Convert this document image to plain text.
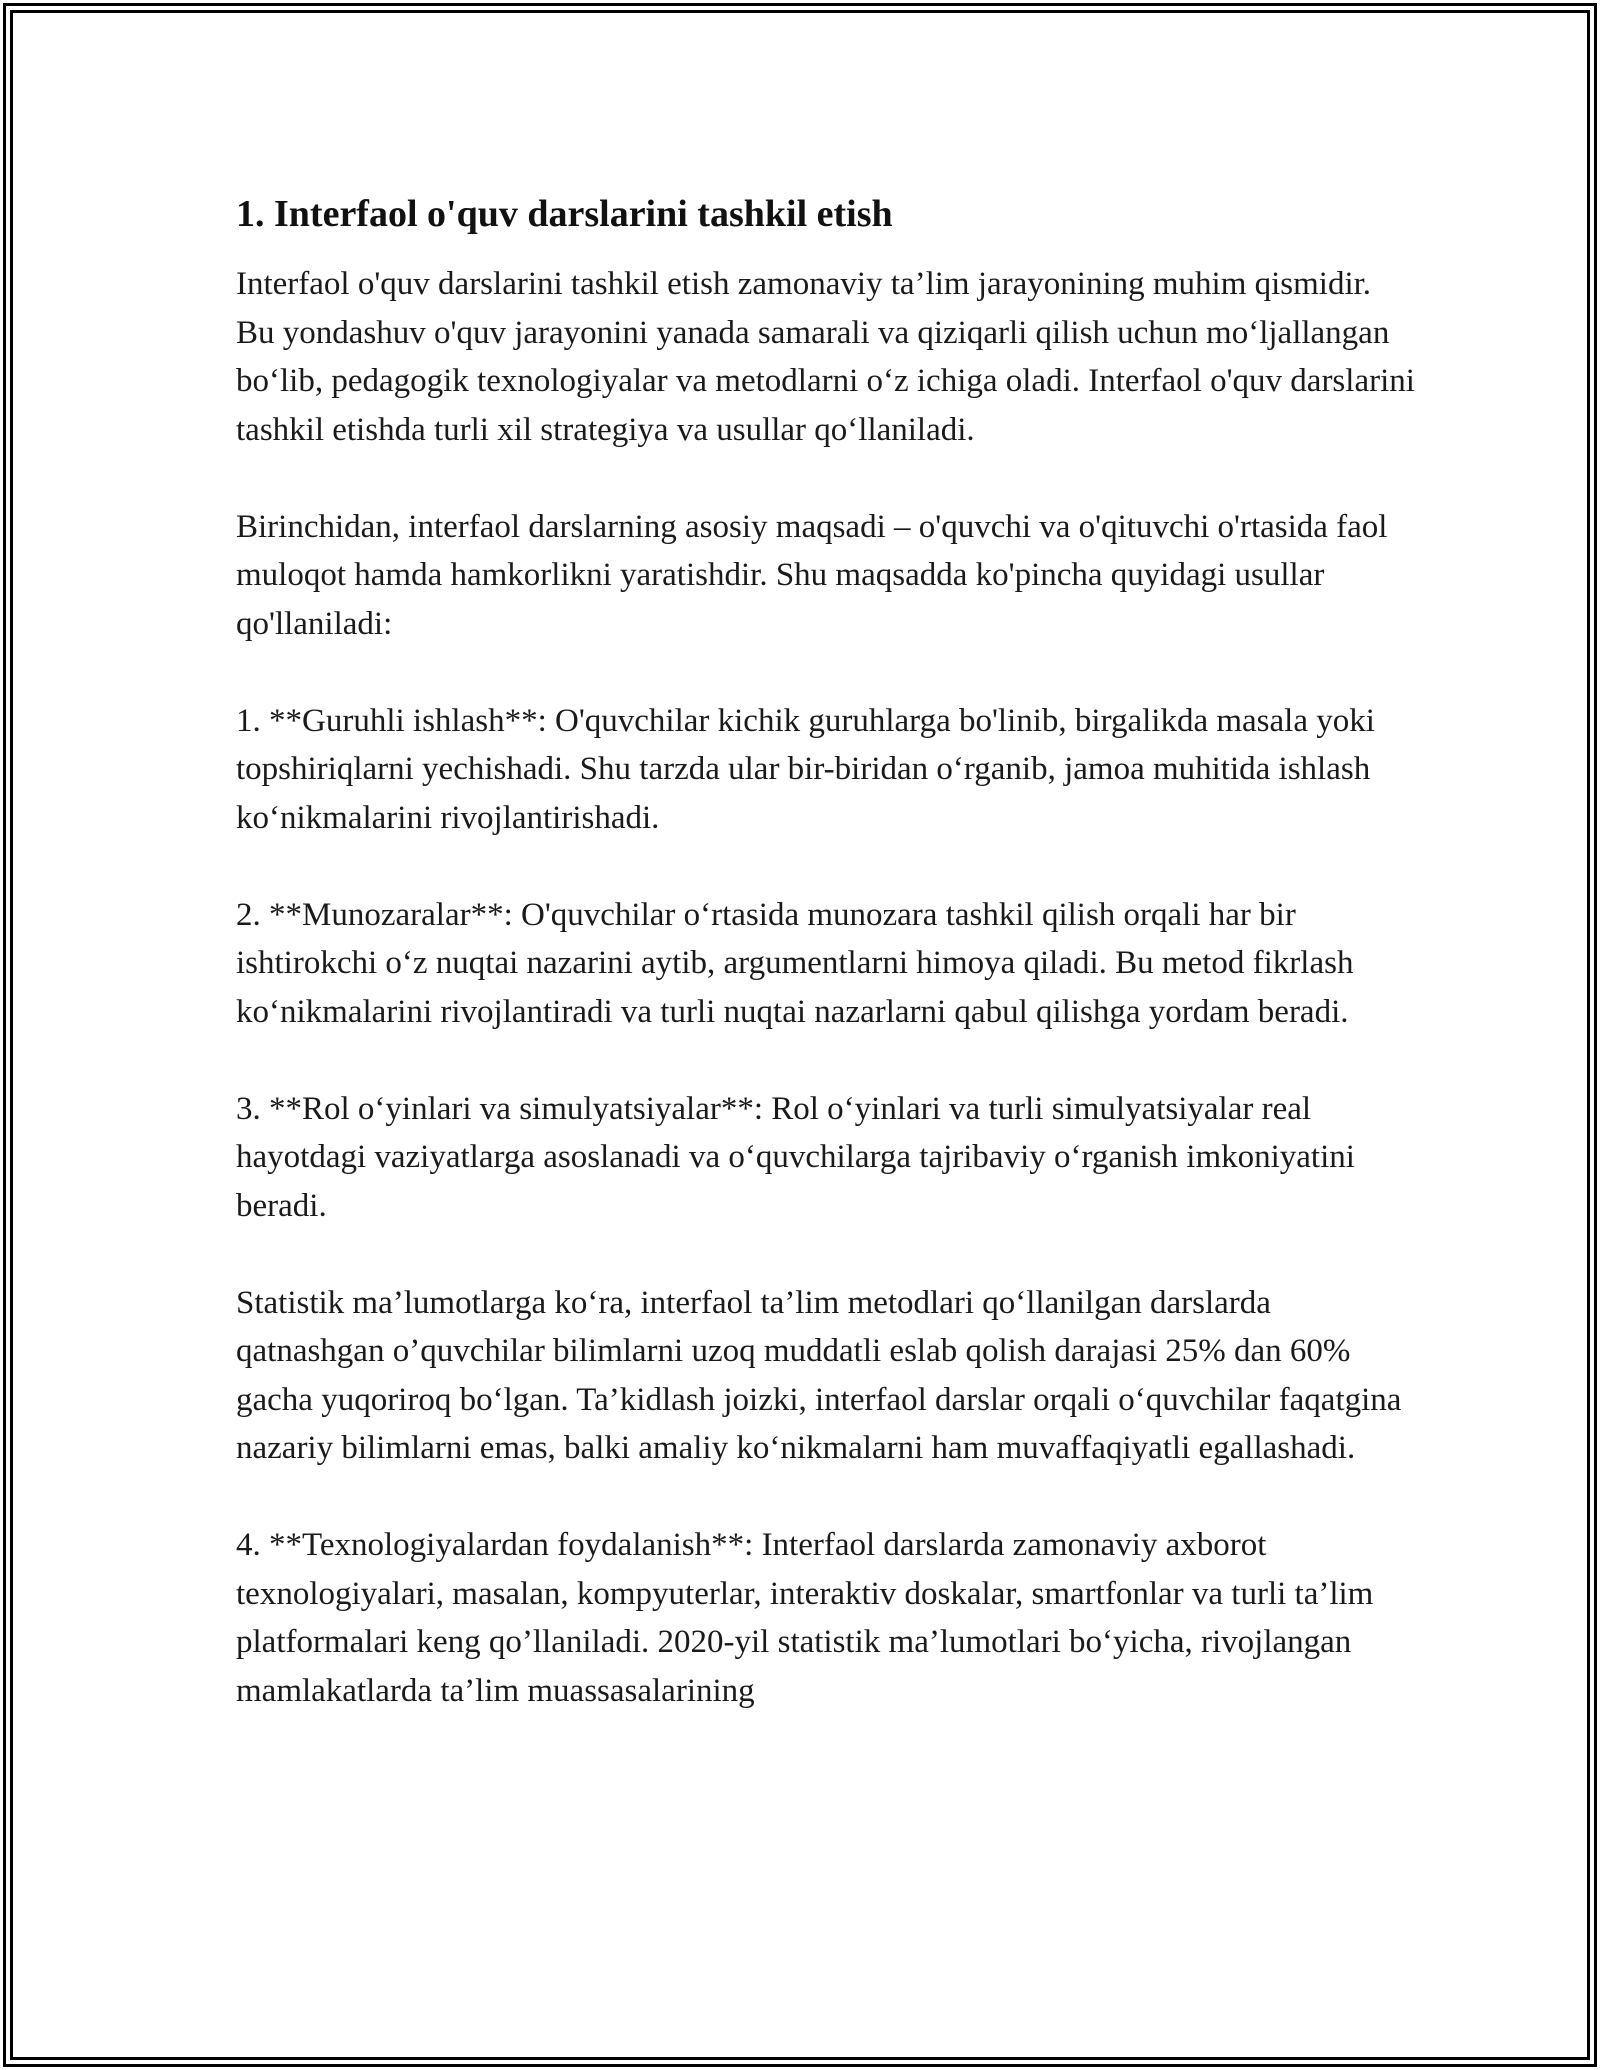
1. Interfaol o'quv darslarini tashkil etish

Interfaol o'quv darslarini tashkil etish zamonaviy ta’lim jarayonining muhim qismidir. Bu yondashuv o'quv jarayonini yanada samarali va qiziqarli qilish uchun mo‘ljallangan bo‘lib, pedagogik texnologiyalar va metodlarni o‘z ichiga oladi. Interfaol o'quv darslarini tashkil etishda turli xil strategiya va usullar qo‘llaniladi.

Birinchidan, interfaol darslarning asosiy maqsadi – o'quvchi va o'qituvchi o'rtasida faol muloqot hamda hamkorlikni yaratishdir. Shu maqsadda ko'pincha quyidagi usullar qo'llaniladi:

1. **Guruhli ishlash**: O'quvchilar kichik guruhlarga bo'linib, birgalikda masala yoki topshiriqlarni yechishadi. Shu tarzda ular bir-biridan o‘rganib, jamoa muhitida ishlash ko‘nikmalarini rivojlantirishadi.

2. **Munozaralar**: O'quvchilar o‘rtasida munozara tashkil qilish orqali har bir ishtirokchi o‘z nuqtai nazarini aytib, argumentlarni himoya qiladi. Bu metod fikrlash ko‘nikmalarini rivojlantiradi va turli nuqtai nazarlarni qabul qilishga yordam beradi.

3. **Rol o‘yinlari va simulyatsiyalar**: Rol o‘yinlari va turli simulyatsiyalar real hayotdagi vaziyatlarga asoslanadi va o‘quvchilarga tajribaviy o‘rganish imkoniyatini beradi.

Statistik ma’lumotlarga ko‘ra, interfaol ta’lim metodlari qo‘llanilgan darslarda qatnashgan o’quvchilar bilimlarni uzoq muddatli eslab qolish darajasi 25% dan 60% gacha yuqoriroq bo‘lgan. Ta’kidlash joizki, interfaol darslar orqali o‘quvchilar faqatgina nazariy bilimlarni emas, balki amaliy ko‘nikmalarni ham muvaffaqiyatli egallashadi.

4. **Texnologiyalardan foydalanish**: Interfaol darslarda zamonaviy axborot texnologiyalari, masalan, kompyuterlar, interaktiv doskalar, smartfonlar va turli ta’lim platformalari keng qo’llaniladi. 2020-yil statistik ma’lumotlari bo‘yicha, rivojlangan mamlakatlarda ta’lim muassasalarining
